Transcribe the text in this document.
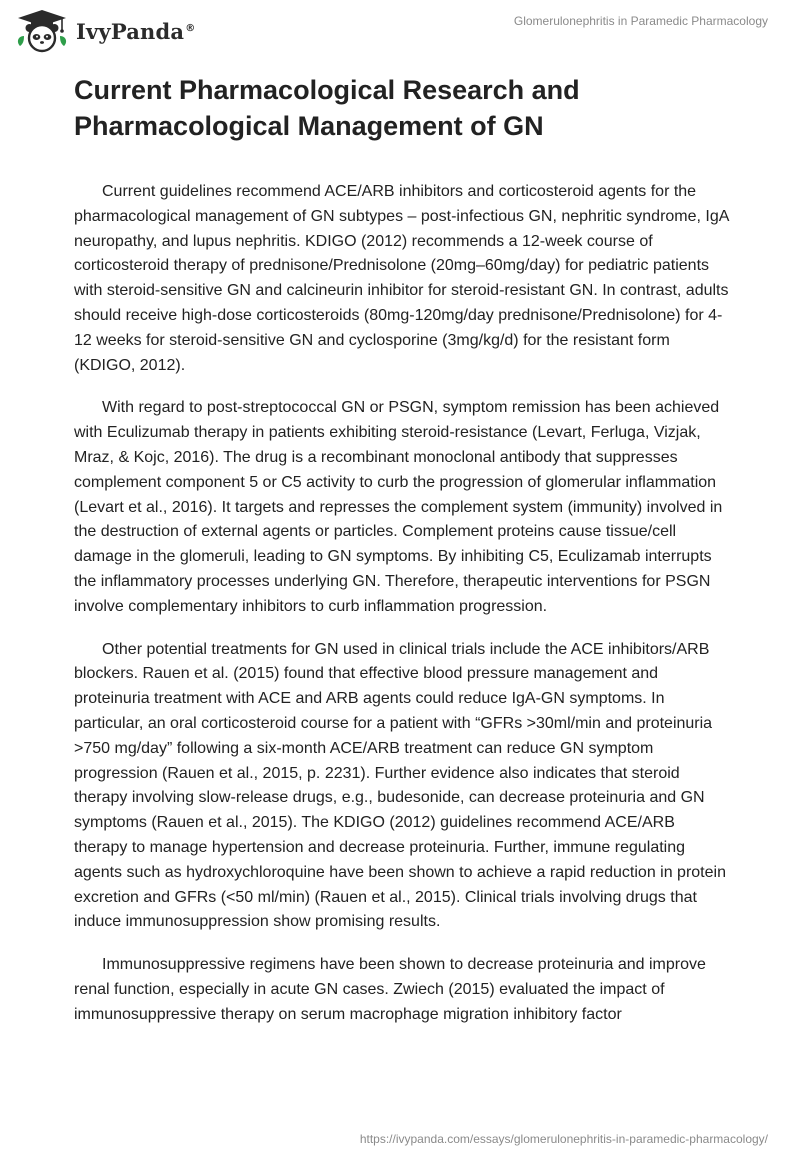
IvyPanda®	Glomerulonephritis in Paramedic Pharmacology
Current Pharmacological Research and Pharmacological Management of GN

Current guidelines recommend ACE/ARB inhibitors and corticosteroid agents for the pharmacological management of GN subtypes – post-infectious GN, nephritic syndrome, IgA neuropathy, and lupus nephritis. KDIGO (2012) recommends a 12-week course of corticosteroid therapy of prednisone/Prednisolone (20mg–60mg/day) for pediatric patients with steroid-sensitive GN and calcineurin inhibitor for steroid-resistant GN. In contrast, adults should receive high-dose corticosteroids (80mg-120mg/day prednisone/Prednisolone) for 4-12 weeks for steroid-sensitive GN and cyclosporine (3mg/kg/d) for the resistant form (KDIGO, 2012).

With regard to post-streptococcal GN or PSGN, symptom remission has been achieved with Eculizumab therapy in patients exhibiting steroid-resistance (Levart, Ferluga, Vizjak, Mraz, & Kojc, 2016). The drug is a recombinant monoclonal antibody that suppresses complement component 5 or C5 activity to curb the progression of glomerular inflammation (Levart et al., 2016). It targets and represses the complement system (immunity) involved in the destruction of external agents or particles. Complement proteins cause tissue/cell damage in the glomeruli, leading to GN symptoms. By inhibiting C5, Eculizamab interrupts the inflammatory processes underlying GN. Therefore, therapeutic interventions for PSGN involve complementary inhibitors to curb inflammation progression.

Other potential treatments for GN used in clinical trials include the ACE inhibitors/ARB blockers. Rauen et al. (2015) found that effective blood pressure management and proteinuria treatment with ACE and ARB agents could reduce IgA-GN symptoms. In particular, an oral corticosteroid course for a patient with “GFRs >30ml/min and proteinuria >750 mg/day” following a six-month ACE/ARB treatment can reduce GN symptom progression (Rauen et al., 2015, p. 2231). Further evidence also indicates that steroid therapy involving slow-release drugs, e.g., budesonide, can decrease proteinuria and GN symptoms (Rauen et al., 2015). The KDIGO (2012) guidelines recommend ACE/ARB therapy to manage hypertension and decrease proteinuria. Further, immune regulating agents such as hydroxychloroquine have been shown to achieve a rapid reduction in protein excretion and GFRs (<50 ml/min) (Rauen et al., 2015). Clinical trials involving drugs that induce immunosuppression show promising results.

Immunosuppressive regimens have been shown to decrease proteinuria and improve renal function, especially in acute GN cases. Zwiech (2015) evaluated the impact of immunosuppressive therapy on serum macrophage migration inhibitory factor

https://ivypanda.com/essays/glomerulonephritis-in-paramedic-pharmacology/
